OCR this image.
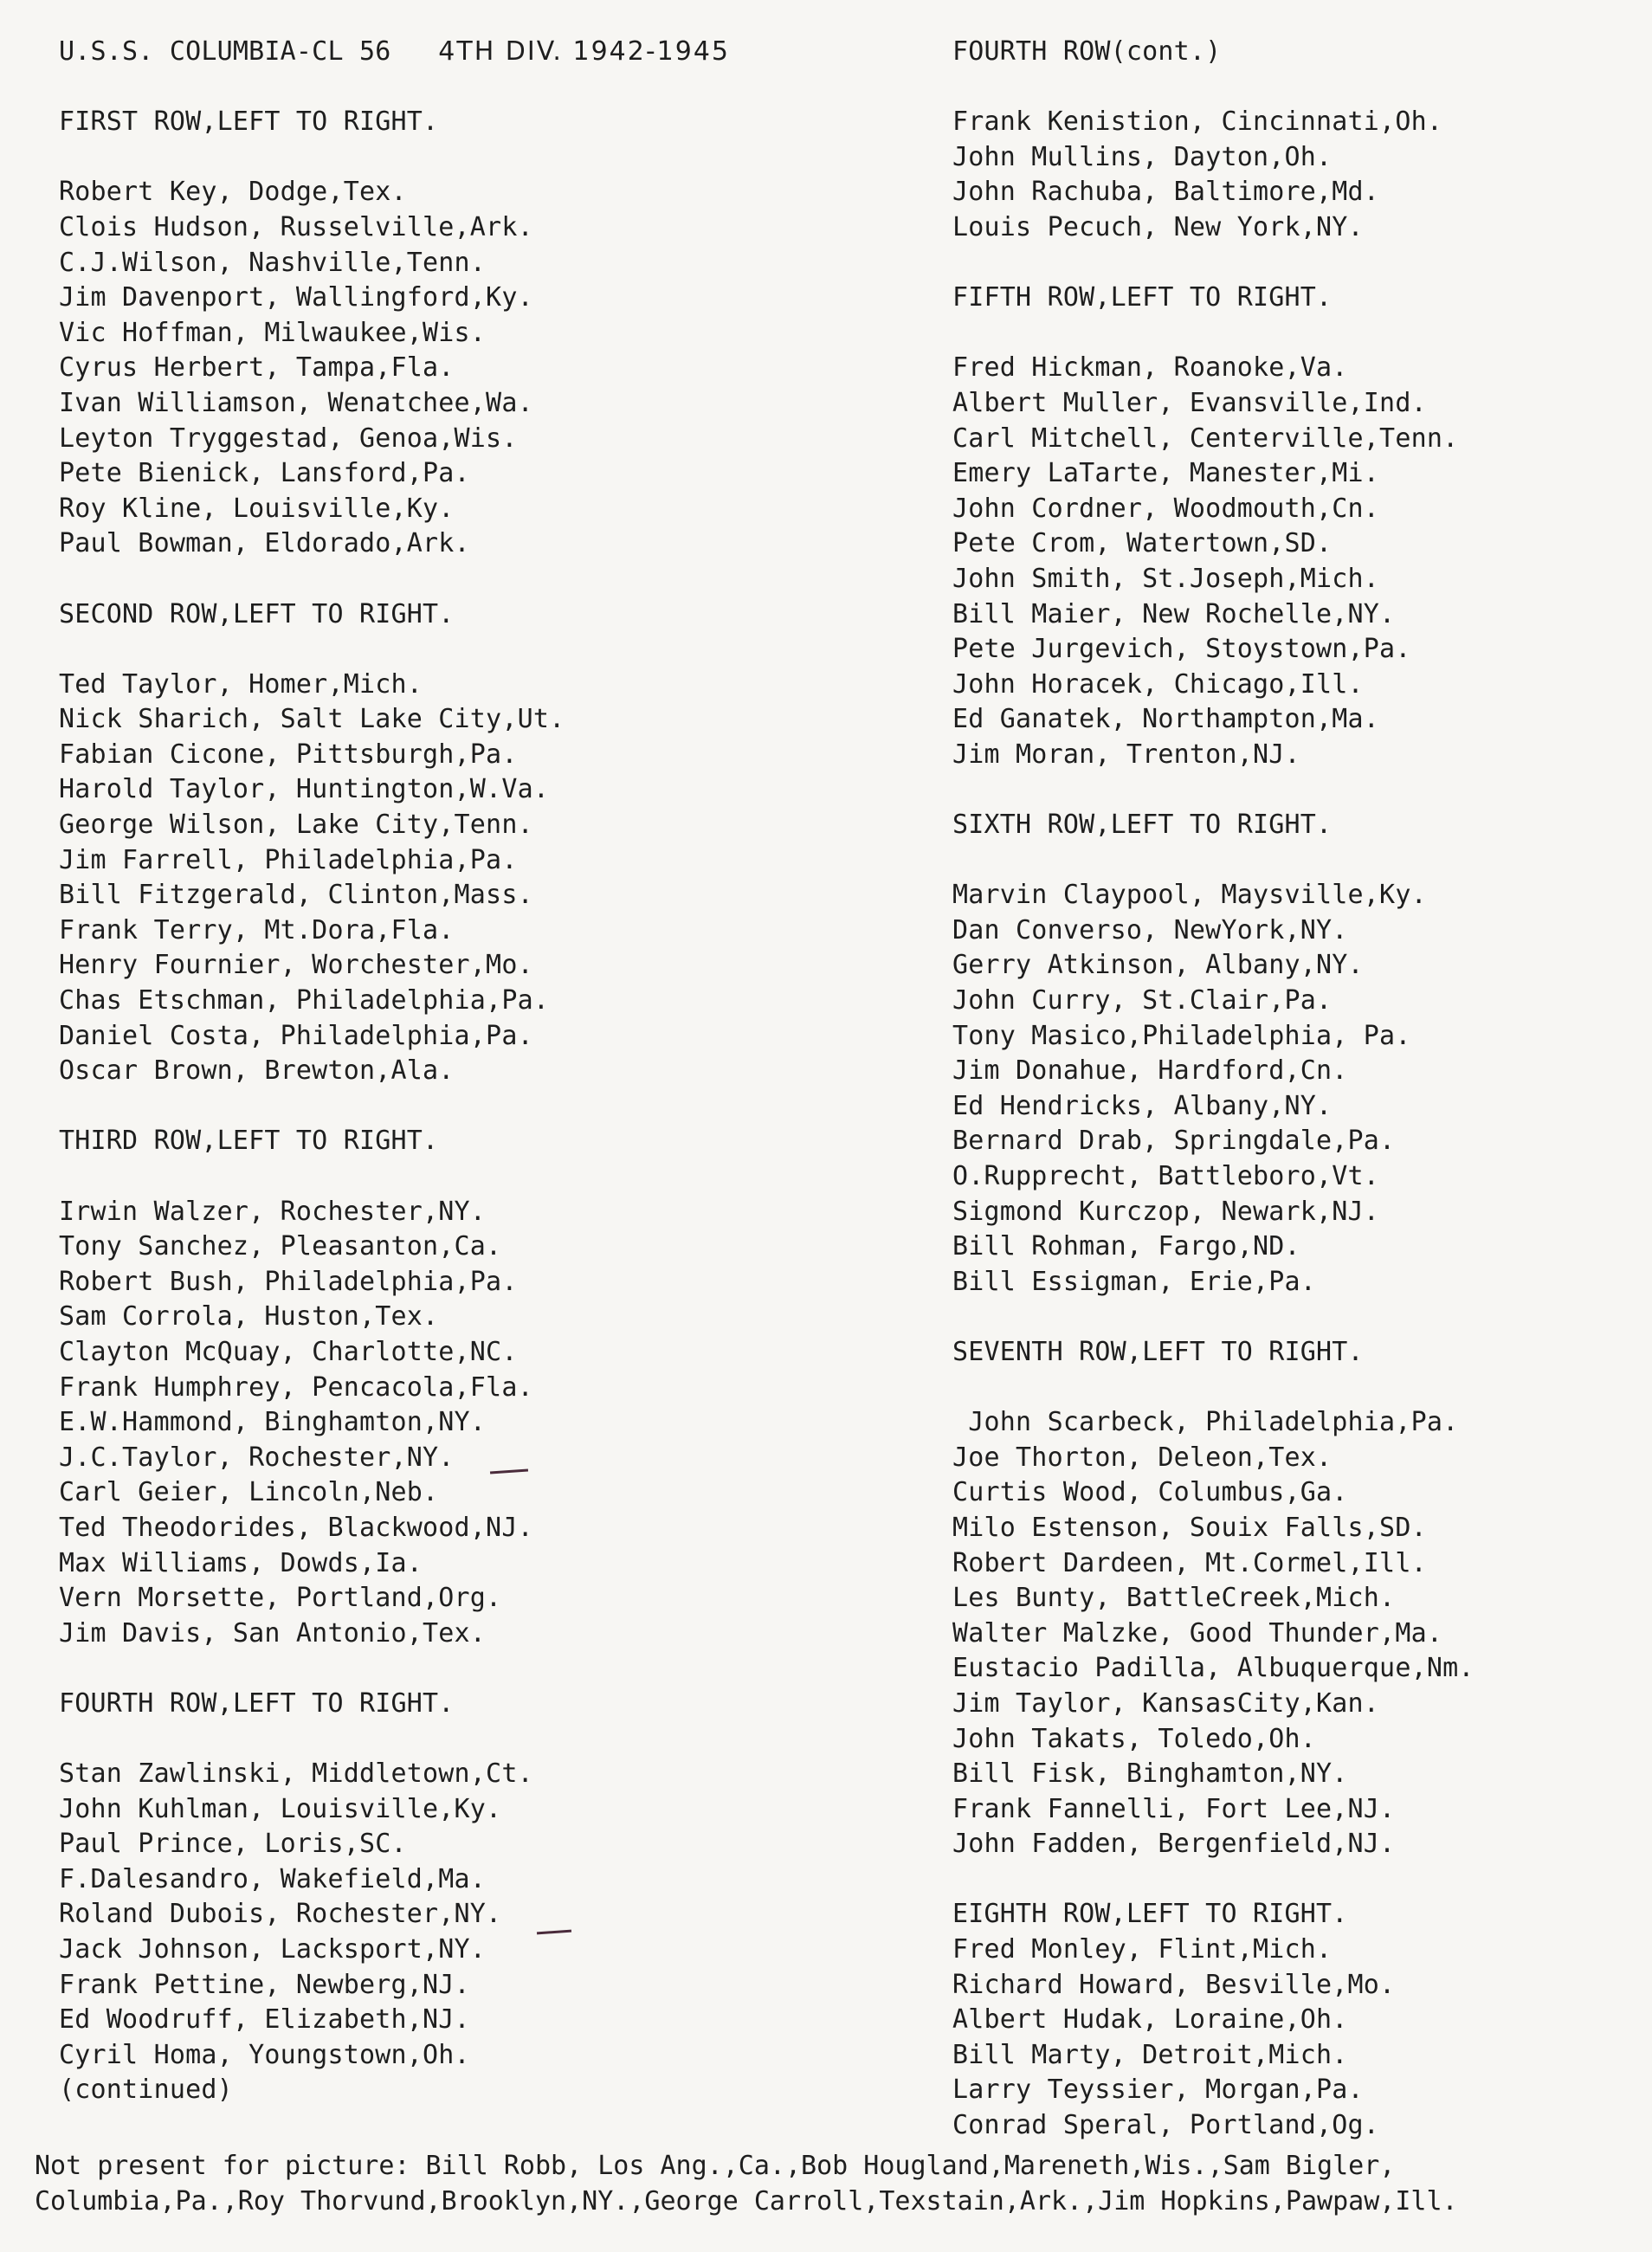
U.S.S. COLUMBIA-CL 56 4TH DIV. 1942-1945
FIRST ROW,LEFT TO RIGHT.
Robert Key, Dodge,Tex.
Clois Hudson, Russelville,Ark.
C.J.Wilson, Nashville,Tenn.
Jim Davenport, Wallingford,Ky.
Vic Hoffman, Milwaukee,Wis.
Cyrus Herbert, Tampa,Fla.
Ivan Williamson, Wenatchee,Wa.
Leyton Tryggestad, Genoa,Wis.
Pete Bienick, Lansford,Pa.
Roy Kline, Louisville,Ky.
Paul Bowman, Eldorado,Ark.
SECOND ROW,LEFT TO RIGHT.
Ted Taylor, Homer,Mich.
Nick Sharich, Salt Lake City,Ut.
Fabian Cicone, Pittsburgh,Pa.
Harold Taylor, Huntington,W.Va.
George Wilson, Lake City,Tenn.
Jim Farrell, Philadelphia,Pa.
Bill Fitzgerald, Clinton,Mass.
Frank Terry, Mt.Dora,Fla.
Henry Fournier, Worchester,Mo.
Chas Etschman, Philadelphia,Pa.
Daniel Costa, Philadelphia,Pa.
Oscar Brown, Brewton,Ala.
THIRD ROW,LEFT TO RIGHT.
Irwin Walzer, Rochester,NY.
Tony Sanchez, Pleasanton,Ca.
Robert Bush, Philadelphia,Pa.
Sam Corrola, Huston,Tex.
Clayton McQuay, Charlotte,NC.
Frank Humphrey, Pencacola,Fla.
E.W.Hammond, Binghamton,NY.
J.C.Taylor, Rochester,NY.
Carl Geier, Lincoln,Neb.
Ted Theodorides, Blackwood,NJ.
Max Williams, Dowds,Ia.
Vern Morsette, Portland,Org.
Jim Davis, San Antonio,Tex.
FOURTH ROW,LEFT TO RIGHT.
Stan Zawlinski, Middletown,Ct.
John Kuhlman, Louisville,Ky.
Paul Prince, Loris,SC.
F.Dalesandro, Wakefield,Ma.
Roland Dubois, Rochester,NY.
Jack Johnson, Lacksport,NY.
Frank Pettine, Newberg,NJ.
Ed Woodruff, Elizabeth,NJ.
Cyril Homa, Youngstown,Oh.
(continued)
FOURTH ROW(cont.)
Frank Kenistion, Cincinnati,Oh.
John Mullins, Dayton,Oh.
John Rachuba, Baltimore,Md.
Louis Pecuch, New York,NY.
FIFTH ROW,LEFT TO RIGHT.
Fred Hickman, Roanoke,Va.
Albert Muller, Evansville,Ind.
Carl Mitchell, Centerville,Tenn.
Emery LaTarte, Manester,Mi.
John Cordner, Woodmouth,Cn.
Pete Crom, Watertown,SD.
John Smith, St.Joseph,Mich.
Bill Maier, New Rochelle,NY.
Pete Jurgevich, Stoystown,Pa.
John Horacek, Chicago,Ill.
Ed Ganatek, Northampton,Ma.
Jim Moran, Trenton,NJ.
SIXTH ROW,LEFT TO RIGHT.
Marvin Claypool, Maysville,Ky.
Dan Converso, NewYork,NY.
Gerry Atkinson, Albany,NY.
John Curry, St.Clair,Pa.
Tony Masico,Philadelphia, Pa.
Jim Donahue, Hardford,Cn.
Ed Hendricks, Albany,NY.
Bernard Drab, Springdale,Pa.
O.Rupprecht, Battleboro,Vt.
Sigmond Kurczop, Newark,NJ.
Bill Rohman, Fargo,ND.
Bill Essigman, Erie,Pa.
SEVENTH ROW,LEFT TO RIGHT.
John Scarbeck, Philadelphia,Pa.
Joe Thorton, Deleon,Tex.
Curtis Wood, Columbus,Ga.
Milo Estenson, Souix Falls,SD.
Robert Dardeen, Mt.Cormel,Ill.
Les Bunty, BattleCreek,Mich.
Walter Malzke, Good Thunder,Ma.
Eustacio Padilla, Albuquerque,Nm.
Jim Taylor, KansasCity,Kan.
John Takats, Toledo,Oh.
Bill Fisk, Binghamton,NY.
Frank Fannelli, Fort Lee,NJ.
John Fadden, Bergenfield,NJ.
EIGHTH ROW,LEFT TO RIGHT.
Fred Monley, Flint,Mich.
Richard Howard, Besville,Mo.
Albert Hudak, Loraine,Oh.
Bill Marty, Detroit,Mich.
Larry Teyssier, Morgan,Pa.
Conrad Speral, Portland,Og.
Not present for picture: Bill Robb, Los Ang.,Ca.,Bob Hougland,Mareneth,Wis.,Sam Bigler,
Columbia,Pa.,Roy Thorvund,Brooklyn,NY.,George Carroll,Texstain,Ark.,Jim Hopkins,Pawpaw,Ill.
